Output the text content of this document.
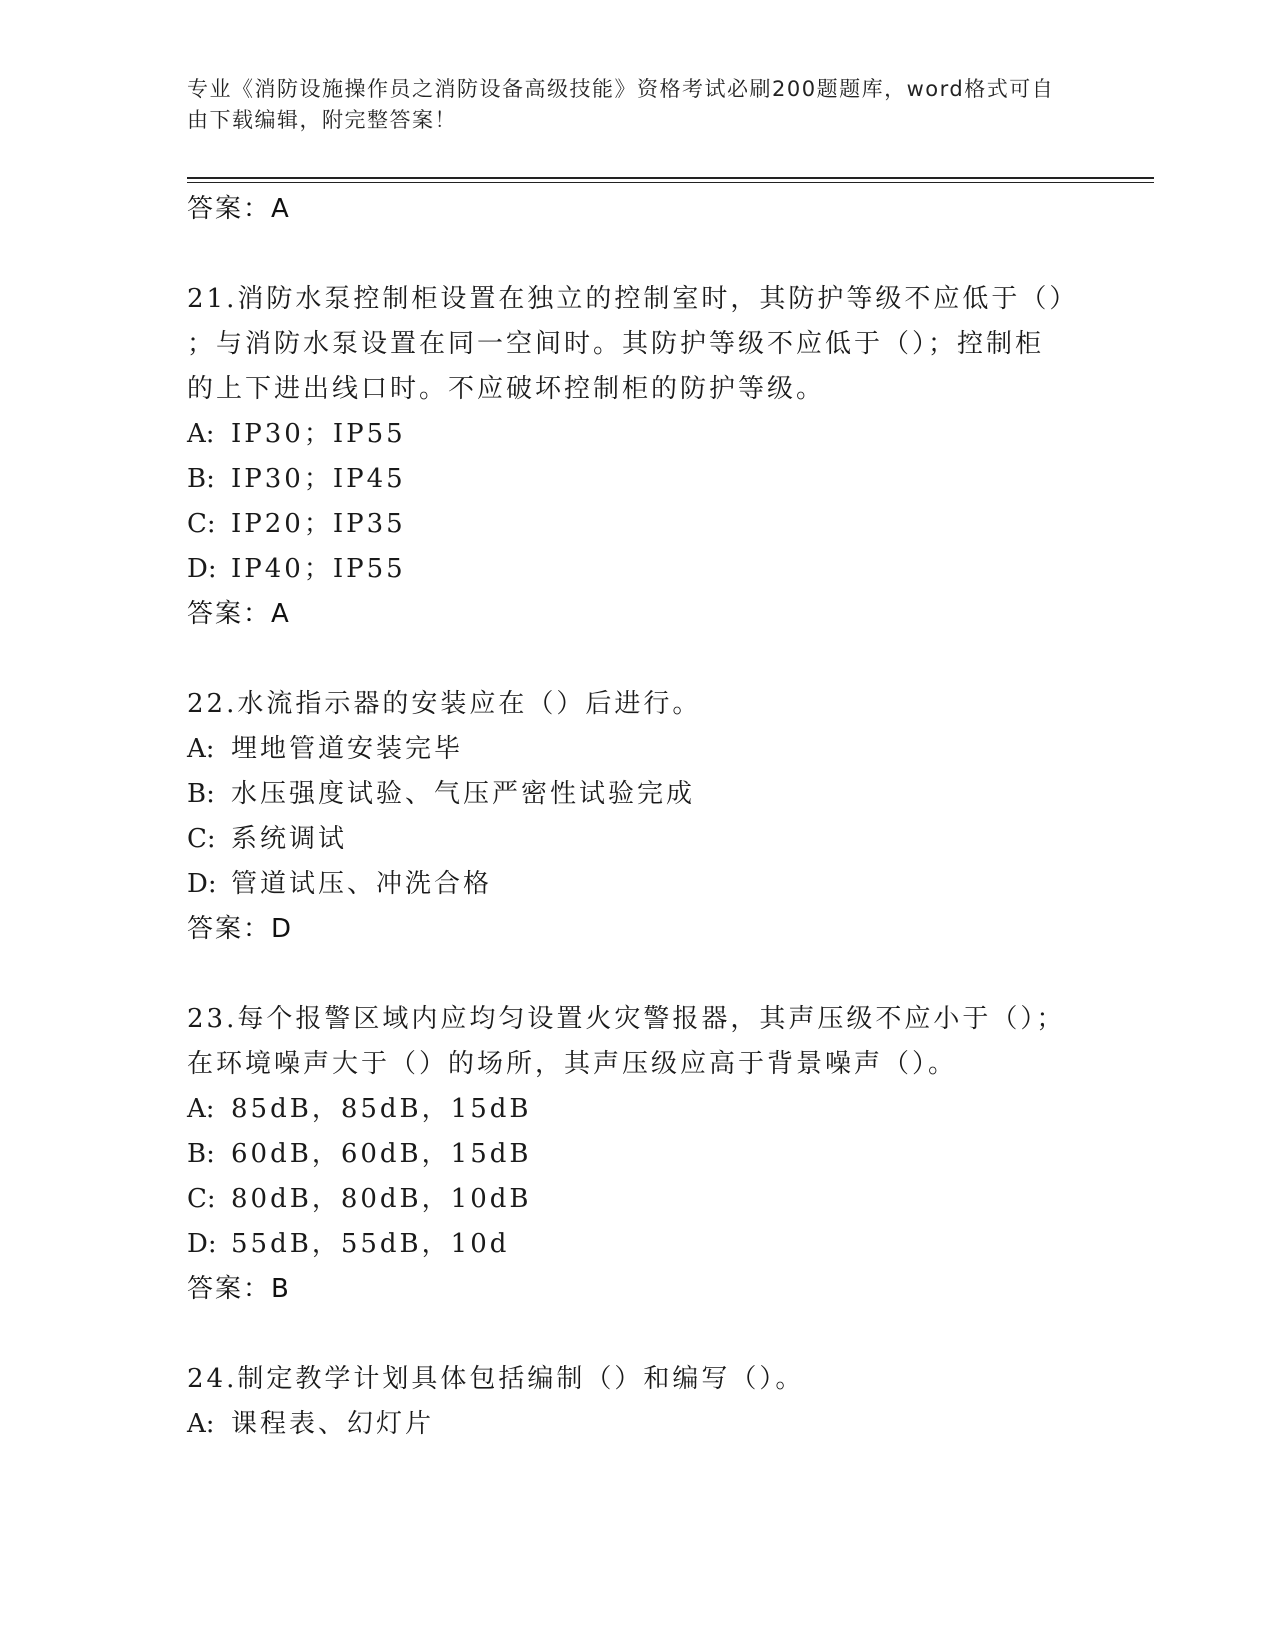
专业《消防设施操作员之消防设备高级技能》资格考试必刷200题题库，word格式可自由下载编辑，附完整答案！
答案：A
21.消防水泵控制柜设置在独立的控制室时，其防护等级不应低于（）
；与消防水泵设置在同一空间时。其防护等级不应低于（）；控制柜
的上下进出线口时。不应破坏控制柜的防护等级。
A: IP30；IP55
B: IP30；IP45
C: IP20；IP35
D: IP40；IP55
答案：A
22.水流指示器的安装应在（）后进行。
A: 埋地管道安装完毕
B: 水压强度试验、气压严密性试验完成
C: 系统调试
D: 管道试压、冲洗合格
答案：D
23.每个报警区域内应均匀设置火灾警报器，其声压级不应小于（）；
在环境噪声大于（）的场所，其声压级应高于背景噪声（）。
A: 85dB，85dB，15dB
B: 60dB，60dB，15dB
C: 80dB，80dB，10dB
D: 55dB，55dB，10d
答案：B
24.制定教学计划具体包括编制（）和编写（）。
A: 课程表、幻灯片
